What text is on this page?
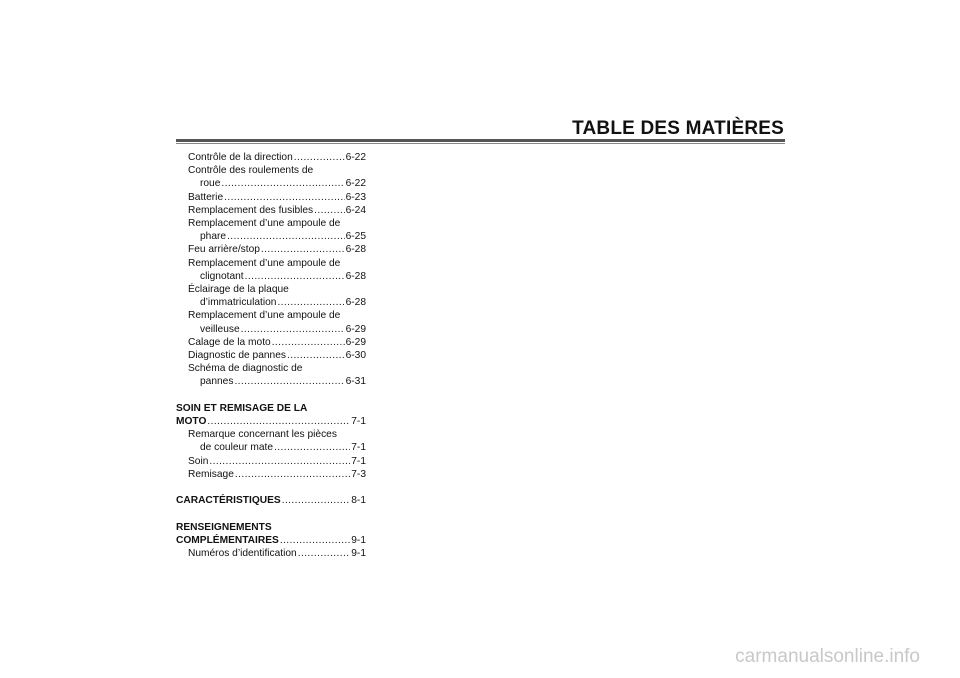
TABLE DES MATIÈRES
Contrôle de la direction .....	6-22
Contrôle des roulements de
roue .....	6-22
Batterie .....	6-23
Remplacement des fusibles .....	6-24
Remplacement d’une ampoule de
phare .....	6-25
Feu arrière/stop .....	6-28
Remplacement d’une ampoule de
clignotant .....	6-28
Éclairage de la plaque
d’immatriculation .....	6-28
Remplacement d’une ampoule de
veilleuse .....	6-29
Calage de la moto .....	6-29
Diagnostic de pannes .....	6-30
Schéma de diagnostic de
pannes .....	6-31
SOIN ET REMISAGE DE LA
MOTO .....	7-1
Remarque concernant les pièces
de couleur mate .....	7-1
Soin .....	7-1
Remisage .....	7-3
CARACTÉRISTIQUES .....	8-1
RENSEIGNEMENTS
COMPLÉMENTAIRES .....	9-1
Numéros d’identification .....	9-1
carmanualsonline.info
